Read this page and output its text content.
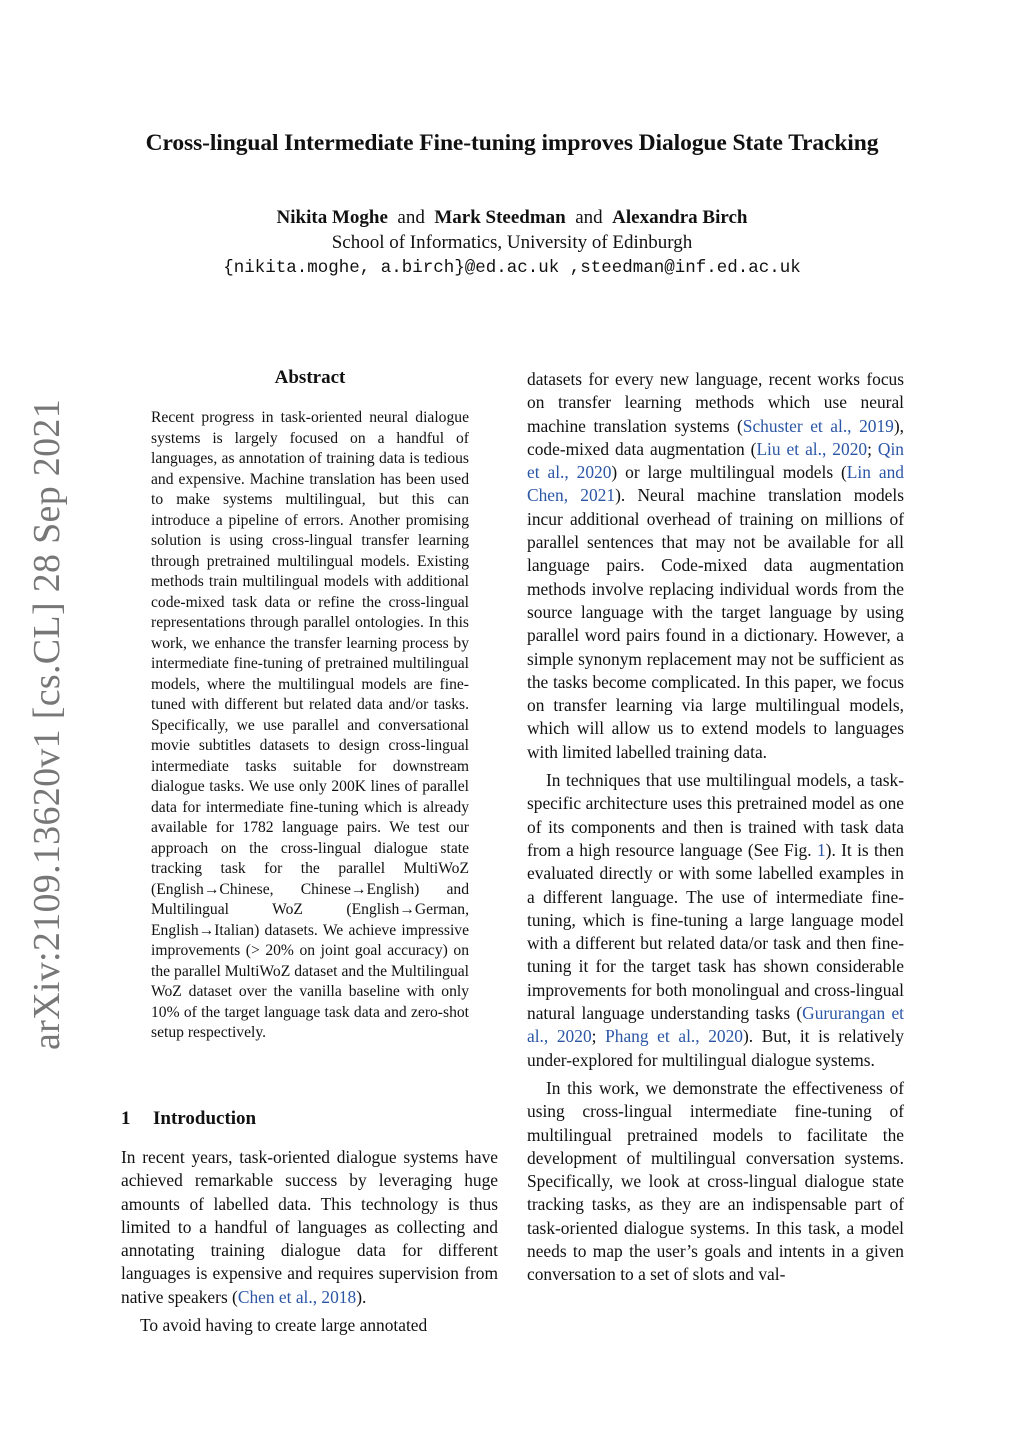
Cross-lingual Intermediate Fine-tuning improves Dialogue State Tracking
Nikita Moghe and Mark Steedman and Alexandra Birch
School of Informatics, University of Edinburgh
{nikita.moghe, a.birch}@ed.ac.uk ,steedman@inf.ed.ac.uk
arXiv:2109.13620v1 [cs.CL] 28 Sep 2021
Abstract
Recent progress in task-oriented neural dialogue systems is largely focused on a handful of languages, as annotation of training data is tedious and expensive. Machine translation has been used to make systems multilingual, but this can introduce a pipeline of errors. Another promising solution is using cross-lingual transfer learning through pretrained multilingual models. Existing methods train multilingual models with additional code-mixed task data or refine the cross-lingual representations through parallel ontologies. In this work, we enhance the transfer learning process by intermediate fine-tuning of pretrained multilingual models, where the multilingual models are fine-tuned with different but related data and/or tasks. Specifically, we use parallel and conversational movie subtitles datasets to design cross-lingual intermediate tasks suitable for downstream dialogue tasks. We use only 200K lines of parallel data for intermediate fine-tuning which is already available for 1782 language pairs. We test our approach on the cross-lingual dialogue state tracking task for the parallel MultiWoZ (English→Chinese, Chinese→English) and Multilingual WoZ (English→German, English→Italian) datasets. We achieve impressive improvements (> 20% on joint goal accuracy) on the parallel MultiWoZ dataset and the Multilingual WoZ dataset over the vanilla baseline with only 10% of the target language task data and zero-shot setup respectively.
1 Introduction

In recent years, task-oriented dialogue systems have achieved remarkable success by leveraging huge amounts of labelled data. This technology is thus limited to a handful of languages as collecting and annotating training dialogue data for different languages is expensive and requires supervision from native speakers (Chen et al., 2018).

To avoid having to create large annotated

datasets for every new language, recent works focus on transfer learning methods which use neural machine translation systems (Schuster et al., 2019), code-mixed data augmentation (Liu et al., 2020; Qin et al., 2020) or large multilingual models (Lin and Chen, 2021). Neural machine translation models incur additional overhead of training on millions of parallel sentences that may not be available for all language pairs. Code-mixed data augmentation methods involve replacing individual words from the source language with the target language by using parallel word pairs found in a dictionary. However, a simple synonym replacement may not be sufficient as the tasks become complicated. In this paper, we focus on transfer learning via large multilingual models, which will allow us to extend models to languages with limited labelled training data.

In techniques that use multilingual models, a task-specific architecture uses this pretrained model as one of its components and then is trained with task data from a high resource language (See Fig. 1). It is then evaluated directly or with some labelled examples in a different language. The use of intermediate fine-tuning, which is fine-tuning a large language model with a different but related data/or task and then fine-tuning it for the target task has shown considerable improvements for both monolingual and cross-lingual natural language understanding tasks (Gururangan et al., 2020; Phang et al., 2020). But, it is relatively under-explored for multilingual dialogue systems.

In this work, we demonstrate the effectiveness of using cross-lingual intermediate fine-tuning of multilingual pretrained models to facilitate the development of multilingual conversation systems. Specifically, we look at cross-lingual dialogue state tracking tasks, as they are an indispensable part of task-oriented dialogue systems. In this task, a model needs to map the user’s goals and intents in a given conversation to a set of slots and val-
